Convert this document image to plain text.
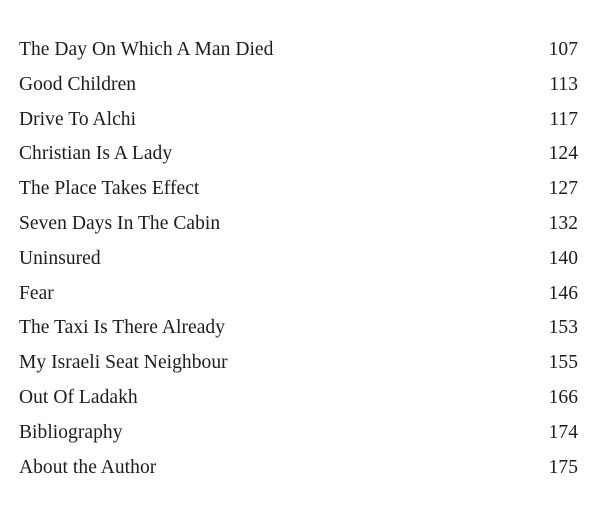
The Day On Which A Man Died	107
Good Children	113
Drive To Alchi	117
Christian Is A Lady	124
The Place Takes Effect	127
Seven Days In The Cabin	132
Uninsured	140
Fear	146
The Taxi Is There Already	153
My Israeli Seat Neighbour	155
Out Of Ladakh	166
Bibliography	174
About the Author	175
